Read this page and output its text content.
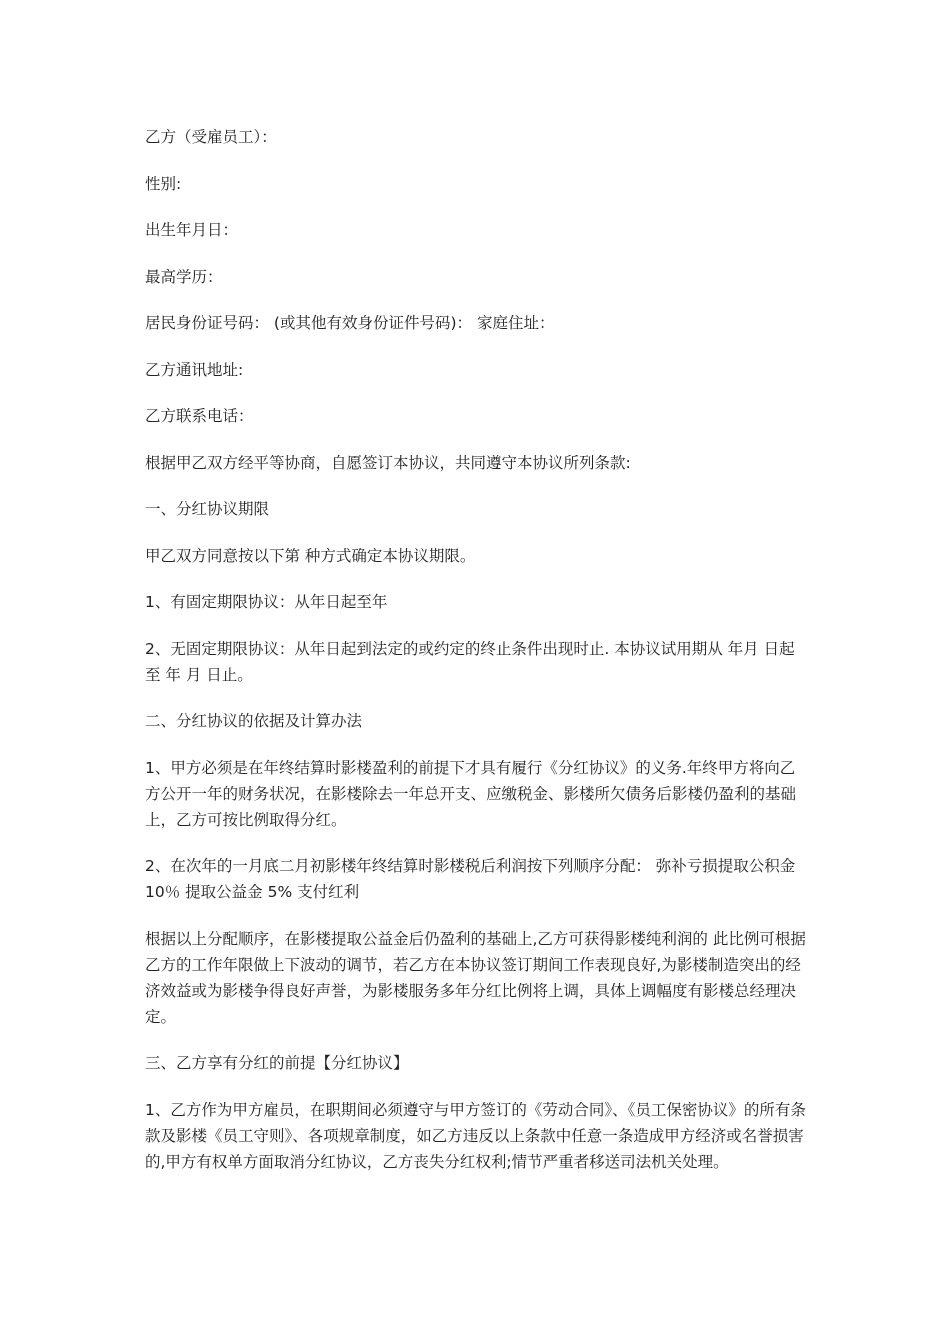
乙方（受雇员工）：

性别:

出生年月日：

最高学历：

居民身份证号码： (或其他有效身份证件号码)： 家庭住址：

乙方通讯地址:

乙方联系电话：

根据甲乙双方经平等协商，自愿签订本协议，共同遵守本协议所列条款:

一、分红协议期限

甲乙双方同意按以下第 种方式确定本协议期限。

1、有固定期限协议：从年日起至年

2、无固定期限协议：从年日起到法定的或约定的终止条件出现时止. 本协议试用期从 年月 日起至 年 月 日止。

二、分红协议的依据及计算办法

1、甲方必须是在年终结算时影楼盈利的前提下才具有履行《分红协议》的义务.年终甲方将向乙方公开一年的财务状况，在影楼除去一年总开支、应缴税金、影楼所欠债务后影楼仍盈利的基础上，乙方可按比例取得分红。

2、在次年的一月底二月初影楼年终结算时影楼税后利润按下列顺序分配： 弥补亏损提取公积金 10％ 提取公益金 5% 支付红利

根据以上分配顺序，在影楼提取公益金后仍盈利的基础上,乙方可获得影楼纯利润的 此比例可根据乙方的工作年限做上下波动的调节，若乙方在本协议签订期间工作表现良好,为影楼制造突出的经济效益或为影楼争得良好声誉，为影楼服务多年分红比例将上调，具体上调幅度有影楼总经理决定。

三、乙方享有分红的前提【分红协议】

1、乙方作为甲方雇员，在职期间必须遵守与甲方签订的《劳动合同》、《员工保密协议》的所有条款及影楼《员工守则》、各项规章制度，如乙方违反以上条款中任意一条造成甲方经济或名誉损害的,甲方有权单方面取消分红协议，乙方丧失分红权利;情节严重者移送司法机关处理。
